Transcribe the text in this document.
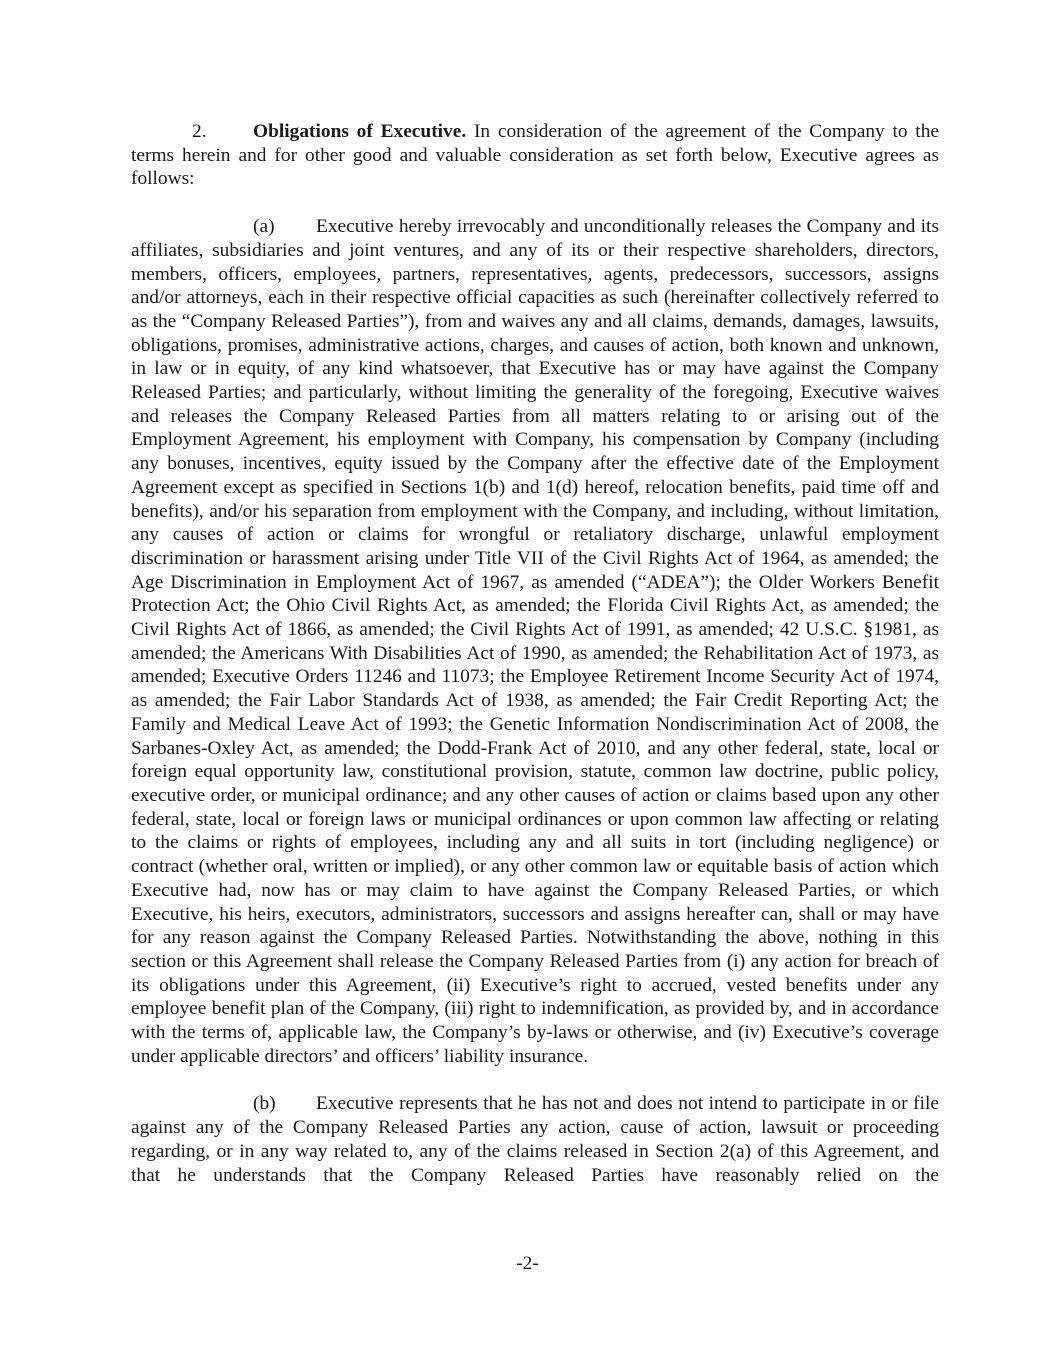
2. Obligations of Executive. In consideration of the agreement of the Company to the terms herein and for other good and valuable consideration as set forth below, Executive agrees as follows:

(a) Executive hereby irrevocably and unconditionally releases the Company and its affiliates, subsidiaries and joint ventures, and any of its or their respective shareholders, directors, members, officers, employees, partners, representatives, agents, predecessors, successors, assigns and/or attorneys, each in their respective official capacities as such (hereinafter collectively referred to as the “Company Released Parties”), from and waives any and all claims, demands, damages, lawsuits, obligations, promises, administrative actions, charges, and causes of action, both known and unknown, in law or in equity, of any kind whatsoever, that Executive has or may have against the Company Released Parties; and particularly, without limiting the generality of the foregoing, Executive waives and releases the Company Released Parties from all matters relating to or arising out of the Employment Agreement, his employment with Company, his compensation by Company (including any bonuses, incentives, equity issued by the Company after the effective date of the Employment Agreement except as specified in Sections 1(b) and 1(d) hereof, relocation benefits, paid time off and benefits), and/or his separation from employment with the Company, and including, without limitation, any causes of action or claims for wrongful or retaliatory discharge, unlawful employment discrimination or harassment arising under Title VII of the Civil Rights Act of 1964, as amended; the Age Discrimination in Employment Act of 1967, as amended (“ADEA”); the Older Workers Benefit Protection Act; the Ohio Civil Rights Act, as amended; the Florida Civil Rights Act, as amended; the Civil Rights Act of 1866, as amended; the Civil Rights Act of 1991, as amended; 42 U.S.C. §1981, as amended; the Americans With Disabilities Act of 1990, as amended; the Rehabilitation Act of 1973, as amended; Executive Orders 11246 and 11073; the Employee Retirement Income Security Act of 1974, as amended; the Fair Labor Standards Act of 1938, as amended; the Fair Credit Reporting Act; the Family and Medical Leave Act of 1993; the Genetic Information Nondiscrimination Act of 2008, the Sarbanes-Oxley Act, as amended; the Dodd-Frank Act of 2010, and any other federal, state, local or foreign equal opportunity law, constitutional provision, statute, common law doctrine, public policy, executive order, or municipal ordinance; and any other causes of action or claims based upon any other federal, state, local or foreign laws or municipal ordinances or upon common law affecting or relating to the claims or rights of employees, including any and all suits in tort (including negligence) or contract (whether oral, written or implied), or any other common law or equitable basis of action which Executive had, now has or may claim to have against the Company Released Parties, or which Executive, his heirs, executors, administrators, successors and assigns hereafter can, shall or may have for any reason against the Company Released Parties. Notwithstanding the above, nothing in this section or this Agreement shall release the Company Released Parties from (i) any action for breach of its obligations under this Agreement, (ii) Executive’s right to accrued, vested benefits under any employee benefit plan of the Company, (iii) right to indemnification, as provided by, and in accordance with the terms of, applicable law, the Company’s by-laws or otherwise, and (iv) Executive’s coverage under applicable directors’ and officers’ liability insurance.

(b) Executive represents that he has not and does not intend to participate in or file against any of the Company Released Parties any action, cause of action, lawsuit or proceeding regarding, or in any way related to, any of the claims released in Section 2(a) of this Agreement, and that he understands that the Company Released Parties have reasonably relied on the

-2-
